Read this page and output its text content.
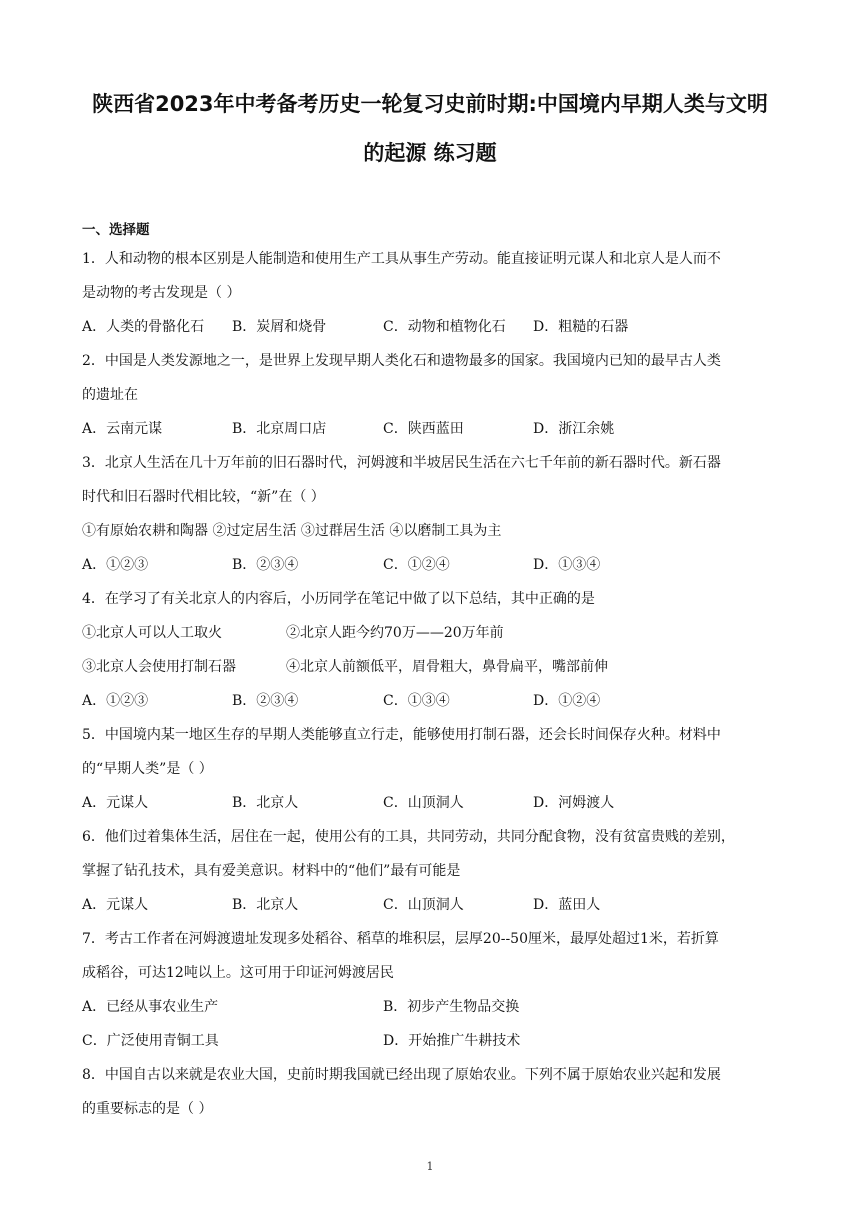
陕西省2023年中考备考历史一轮复习史前时期:中国境内早期人类与文明
的起源 练习题
一、选择题
1．人和动物的根本区别是人能制造和使用生产工具从事生产劳动。能直接证明元谋人和北京人是人而不
是动物的考古发现是（ ）
A．人类的骨骼化石 B．炭屑和烧骨	C．动物和植物化石 D．粗糙的石器
2．中国是人类发源地之一，是世界上发现早期人类化石和遗物最多的国家。我国境内已知的最早古人类
的遗址在
A．云南元谋	B．北京周口店	C．陕西蓝田	D．浙江余姚
3．北京人生活在几十万年前的旧石器时代，河姆渡和半坡居民生活在六七千年前的新石器时代。新石器
时代和旧石器时代相比较，“新”在（ ）
①有原始农耕和陶器 ②过定居生活 ③过群居生活 ④以磨制工具为主
A．①②③	B．②③④	C．①②④	D．①③④
4．在学习了有关北京人的内容后，小历同学在笔记中做了以下总结，其中正确的是
①北京人可以人工取火	②北京人距今约70万——20万年前
③北京人会使用打制石器	④北京人前额低平，眉骨粗大，鼻骨扁平，嘴部前伸
A．①②③	B．②③④	C．①③④	D．①②④
5．中国境内某一地区生存的早期人类能够直立行走，能够使用打制石器，还会长时间保存火种。材料中
的“早期人类”是（ ）
A．元谋人	B．北京人	C．山顶洞人	D．河姆渡人
6．他们过着集体生活，居住在一起，使用公有的工具，共同劳动，共同分配食物，没有贫富贵贱的差别，
掌握了钻孔技术，具有爱美意识。材料中的“他们”最有可能是
A．元谋人	B．北京人	C．山顶洞人	D．蓝田人
7．考古工作者在河姆渡遗址发现多处稻谷、稻草的堆积层，层厚20--50厘米，最厚处超过1米，若折算
成稻谷，可达12吨以上。这可用于印证河姆渡居民
A．已经从事农业生产	B．初步产生物品交换
C．广泛使用青铜工具	D．开始推广牛耕技术
8．中国自古以来就是农业大国，史前时期我国就已经出现了原始农业。下列不属于原始农业兴起和发展
的重要标志的是（ ）
1
